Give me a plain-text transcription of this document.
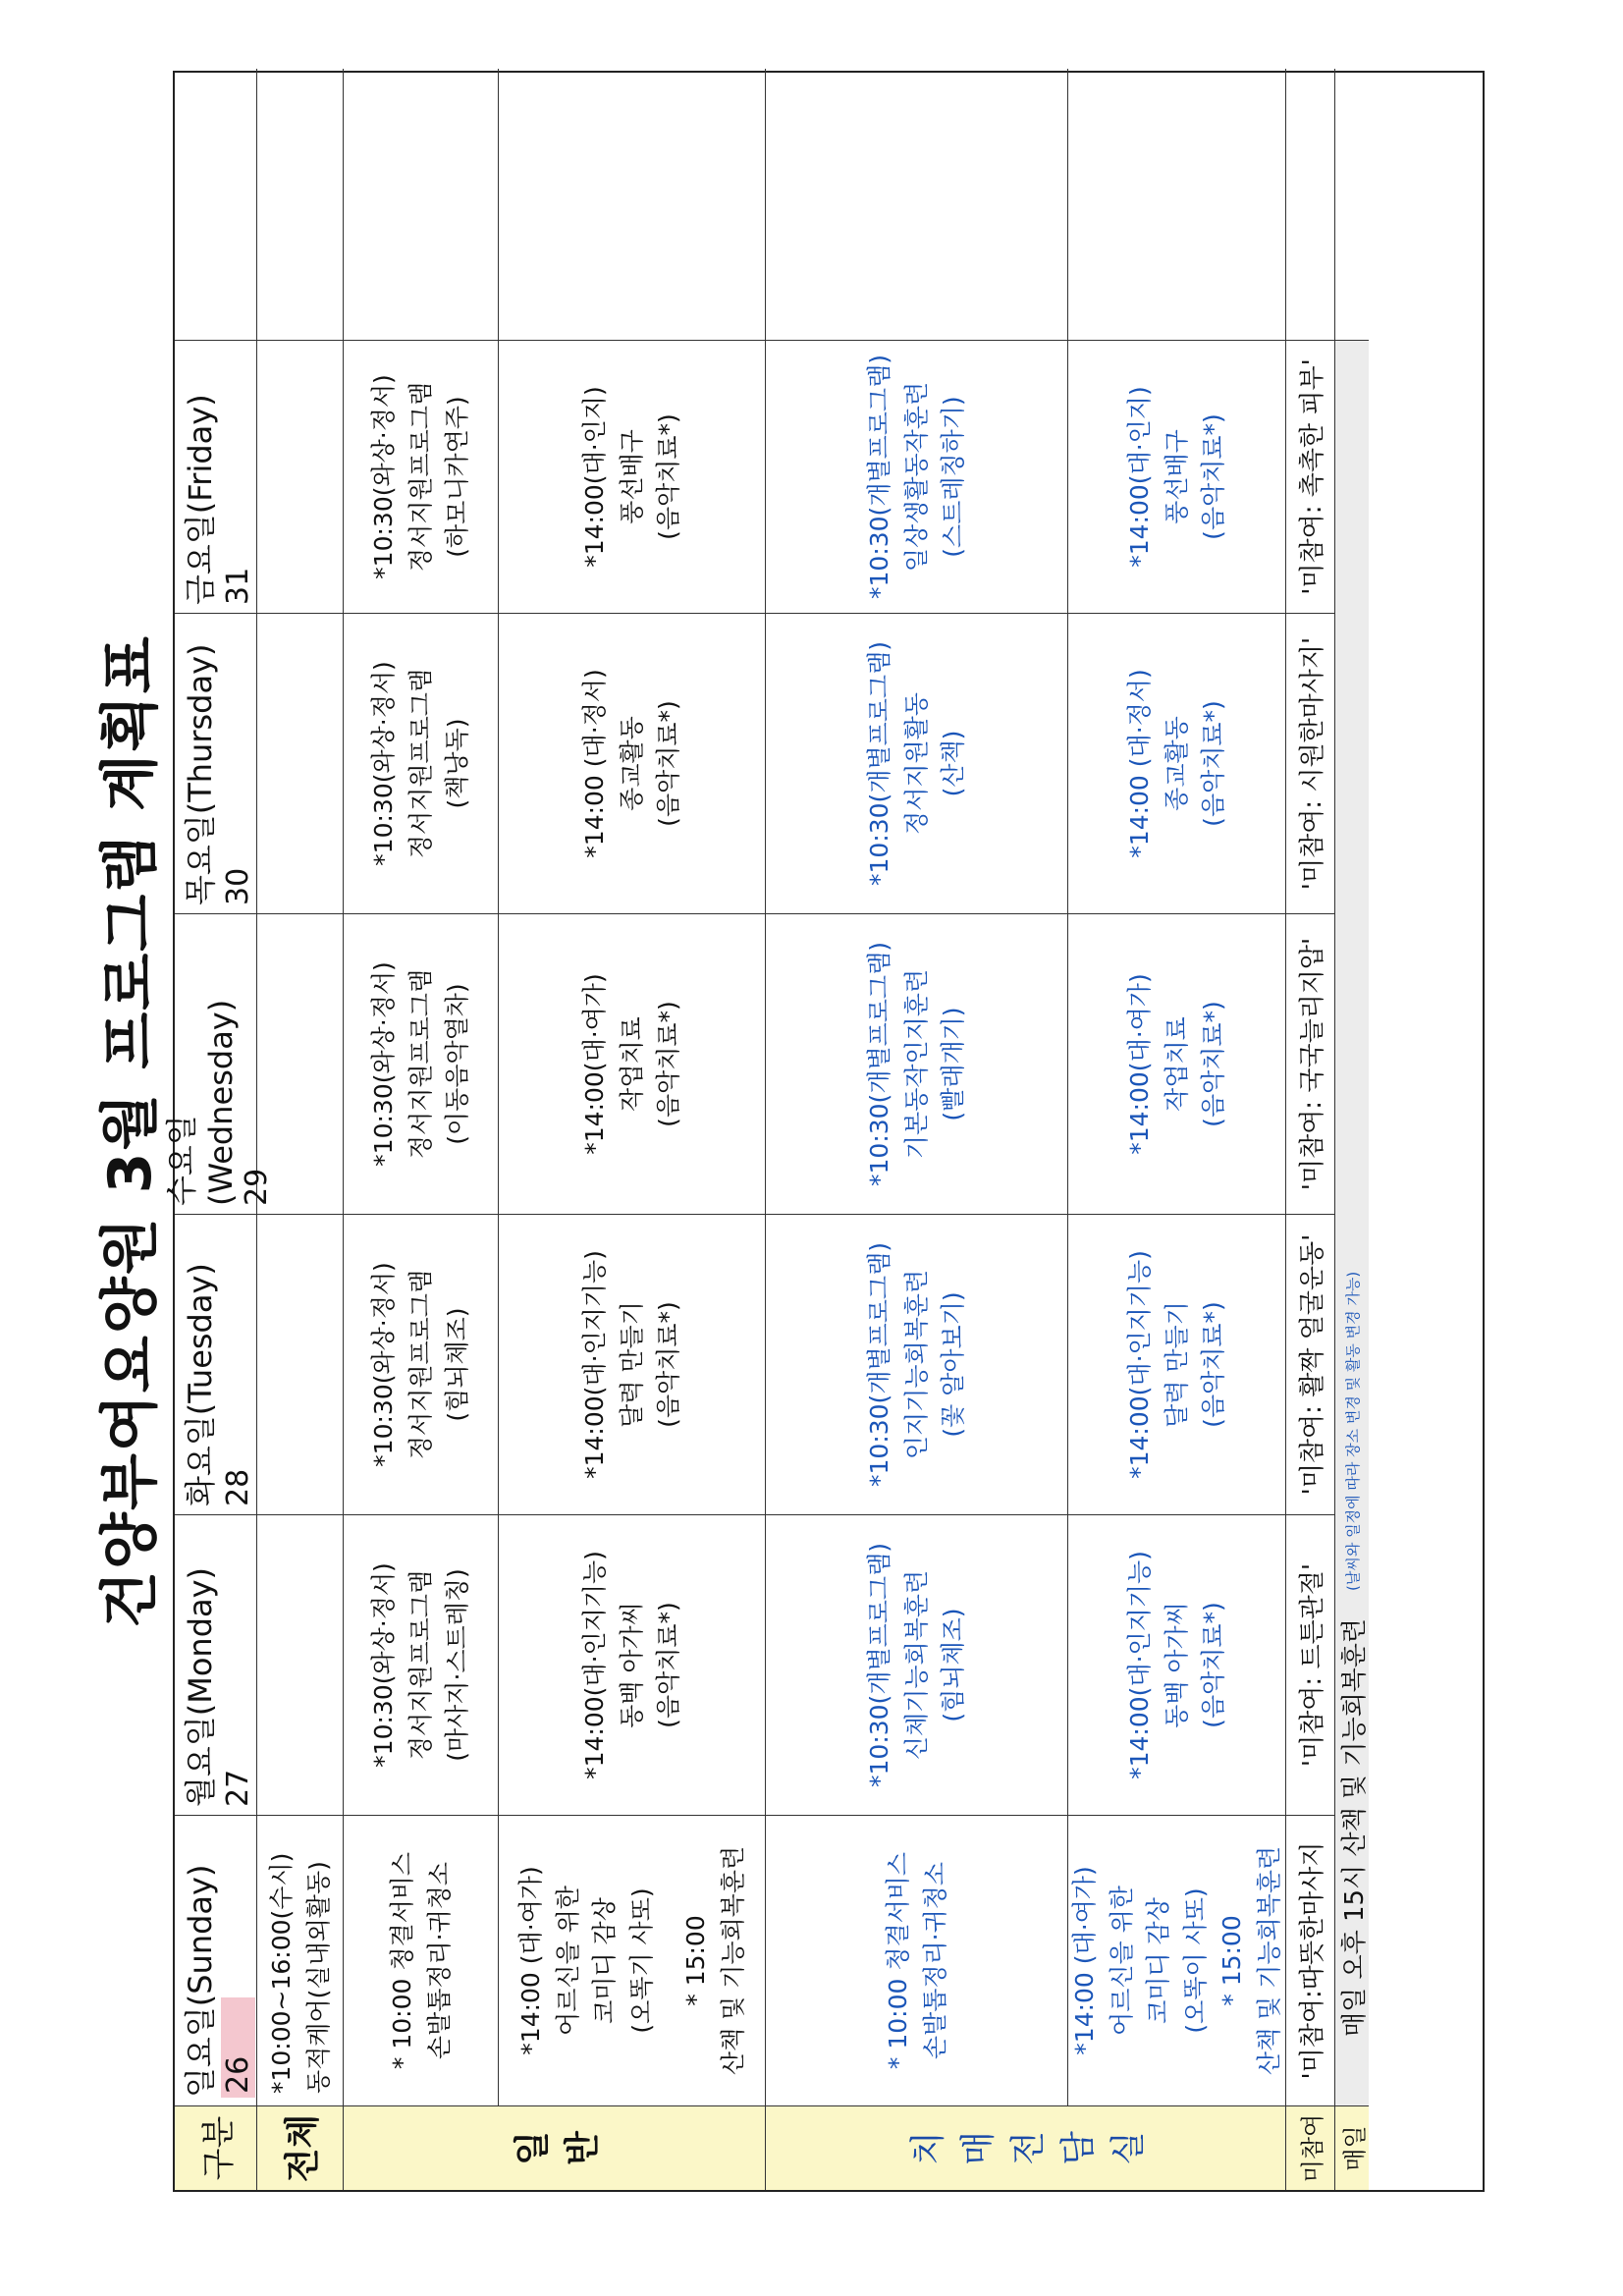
건양부여요양원 3월 프로그램 계획표
구분
일요일(Sunday) 26
월요일(Monday) 27
화요일(Tuesday) 28
수요일(Wednesday) 29
목요일(Thursday) 30
금요일(Friday) 31
전체
*10:00~16:00(수시) 동적케어(실내외활동)
일반
* 10:00 청결서비스 손발톱정리·귀청소
*10:30(와상·정서) 정서지원프로그램 (마사지·스트레칭)
*10:30(와상·정서) 정서지원프로그램 (힘뇌체조)
*10:30(와상·정서) 정서지원프로그램 (이동음악열차)
*10:30(와상·정서) 정서지원프로그램 (책낭독)
*10:30(와상·정서) 정서지원프로그램 (하모니카연주)
*14:00 (대·여가) 어르신을 위한 코미디 감상 (오똑기 사또) * 15:00 산책 및 기능회복훈련
*14:00(대·인지기능) 동백 아가씨 (음악치료*)
*14:00(대·인지기능) 달력 만들기 (음악치료*)
*14:00(대·여가) 작업치료 (음악치료*)
*14:00 (대·정서) 종교활동 (음악치료*)
*14:00(대·인지) 풍선배구 (음악치료*)
치매전담실
* 10:00 청결서비스 손발톱정리·귀청소
*10:30(개별프로그램) 신체기능회복훈련 (힘뇌체조)
*10:30(개별프로그램) 인지기능회복훈련 (꽃 알아보기)
*10:30(개별프로그램) 기본동작인지훈련 (빨래개기)
*10:30(개별프로그램) 정서지원활동 (산책)
*10:30(개별프로그램) 일상생활동작훈련 (스트레칭하기)
*14:00 (대·여가) 어르신을 위한 코미디 감상 (오똑이 사또) * 15:00 산책 및 기능회복훈련
*14:00(대·인지기능) 동백 아가씨 (음악치료*)
*14:00(대·인지기능) 달력 만들기 (음악치료*)
*14:00(대·여가) 작업치료 (음악치료*)
*14:00 (대·정서) 종교활동 (음악치료*)
*14:00(대·인지) 풍선배구 (음악치료*)
미참여
'미참여:따뜻한마사지
'미참여: 트튼관절'
'미참여: 활짝 얼굴운동'
'미참여: 국국늘리지압'
'미참여: 시원한마사지'
'미참여: 촉촉한 피부'
매일
매일 오후 15시 산책 및 기능회복훈련
(날씨와 일정에 따라 장소 변경 및 활동 변경 가능)
